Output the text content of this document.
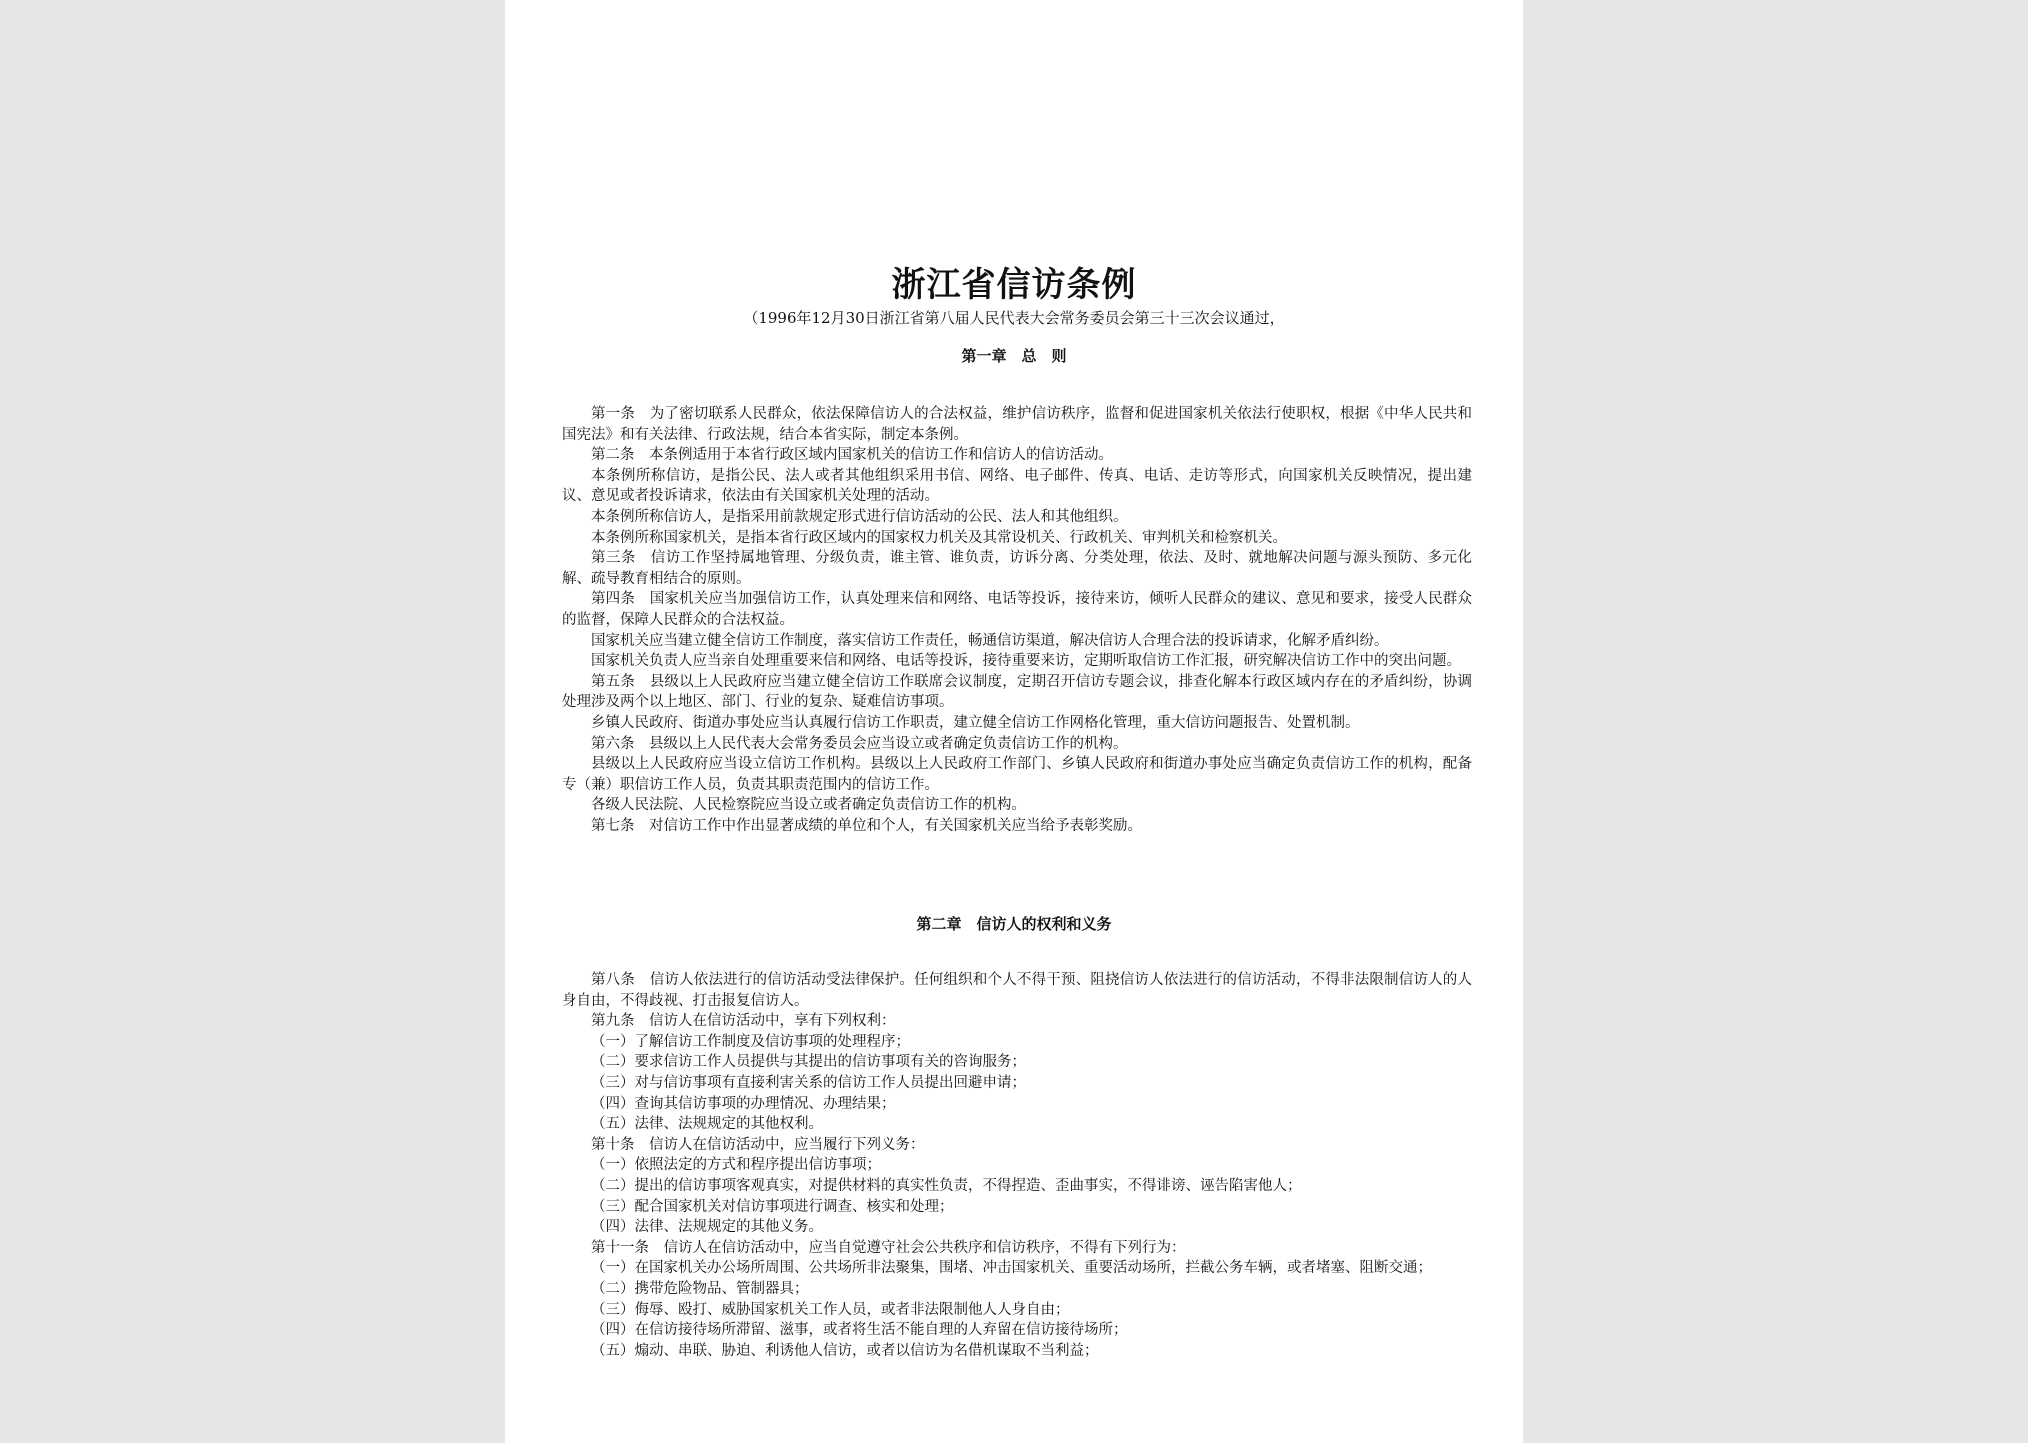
浙江省信访条例

（1996年12月30日浙江省第八届人民代表大会常务委员会第三十三次会议通过，

第一章　总　则

第一条　为了密切联系人民群众，依法保障信访人的合法权益，维护信访秩序，监督和促进国家机关依法行使职权，根据《中华人民共和国宪法》和有关法律、行政法规，结合本省实际，制定本条例。

第二条　本条例适用于本省行政区域内国家机关的信访工作和信访人的信访活动。

本条例所称信访，是指公民、法人或者其他组织采用书信、网络、电子邮件、传真、电话、走访等形式，向国家机关反映情况，提出建议、意见或者投诉请求，依法由有关国家机关处理的活动。

本条例所称信访人，是指采用前款规定形式进行信访活动的公民、法人和其他组织。

本条例所称国家机关，是指本省行政区域内的国家权力机关及其常设机关、行政机关、审判机关和检察机关。

第三条　信访工作坚持属地管理、分级负责，谁主管、谁负责，访诉分离、分类处理，依法、及时、就地解决问题与源头预防、多元化解、疏导教育相结合的原则。

第四条　国家机关应当加强信访工作，认真处理来信和网络、电话等投诉，接待来访，倾听人民群众的建议、意见和要求，接受人民群众的监督，保障人民群众的合法权益。

国家机关应当建立健全信访工作制度，落实信访工作责任，畅通信访渠道，解决信访人合理合法的投诉请求，化解矛盾纠纷。

国家机关负责人应当亲自处理重要来信和网络、电话等投诉，接待重要来访，定期听取信访工作汇报，研究解决信访工作中的突出问题。

第五条　县级以上人民政府应当建立健全信访工作联席会议制度，定期召开信访专题会议，排查化解本行政区域内存在的矛盾纠纷，协调处理涉及两个以上地区、部门、行业的复杂、疑难信访事项。

乡镇人民政府、街道办事处应当认真履行信访工作职责，建立健全信访工作网格化管理，重大信访问题报告、处置机制。

第六条　县级以上人民代表大会常务委员会应当设立或者确定负责信访工作的机构。

县级以上人民政府应当设立信访工作机构。县级以上人民政府工作部门、乡镇人民政府和街道办事处应当确定负责信访工作的机构，配备专（兼）职信访工作人员，负责其职责范围内的信访工作。

各级人民法院、人民检察院应当设立或者确定负责信访工作的机构。

第七条　对信访工作中作出显著成绩的单位和个人，有关国家机关应当给予表彰奖励。

第二章　信访人的权利和义务

第八条　信访人依法进行的信访活动受法律保护。任何组织和个人不得干预、阻挠信访人依法进行的信访活动，不得非法限制信访人的人身自由，不得歧视、打击报复信访人。

第九条　信访人在信访活动中，享有下列权利：

（一）了解信访工作制度及信访事项的处理程序；

（二）要求信访工作人员提供与其提出的信访事项有关的咨询服务；

（三）对与信访事项有直接利害关系的信访工作人员提出回避申请；

（四）查询其信访事项的办理情况、办理结果；

（五）法律、法规规定的其他权利。

第十条　信访人在信访活动中，应当履行下列义务：

（一）依照法定的方式和程序提出信访事项；

（二）提出的信访事项客观真实，对提供材料的真实性负责，不得捏造、歪曲事实，不得诽谤、诬告陷害他人；

（三）配合国家机关对信访事项进行调查、核实和处理；

（四）法律、法规规定的其他义务。

第十一条　信访人在信访活动中，应当自觉遵守社会公共秩序和信访秩序，不得有下列行为：

（一）在国家机关办公场所周围、公共场所非法聚集，围堵、冲击国家机关、重要活动场所，拦截公务车辆，或者堵塞、阻断交通；

（二）携带危险物品、管制器具；

（三）侮辱、殴打、威胁国家机关工作人员，或者非法限制他人人身自由；

（四）在信访接待场所滞留、滋事，或者将生活不能自理的人弃留在信访接待场所；

（五）煽动、串联、胁迫、利诱他人信访，或者以信访为名借机谋取不当利益；
